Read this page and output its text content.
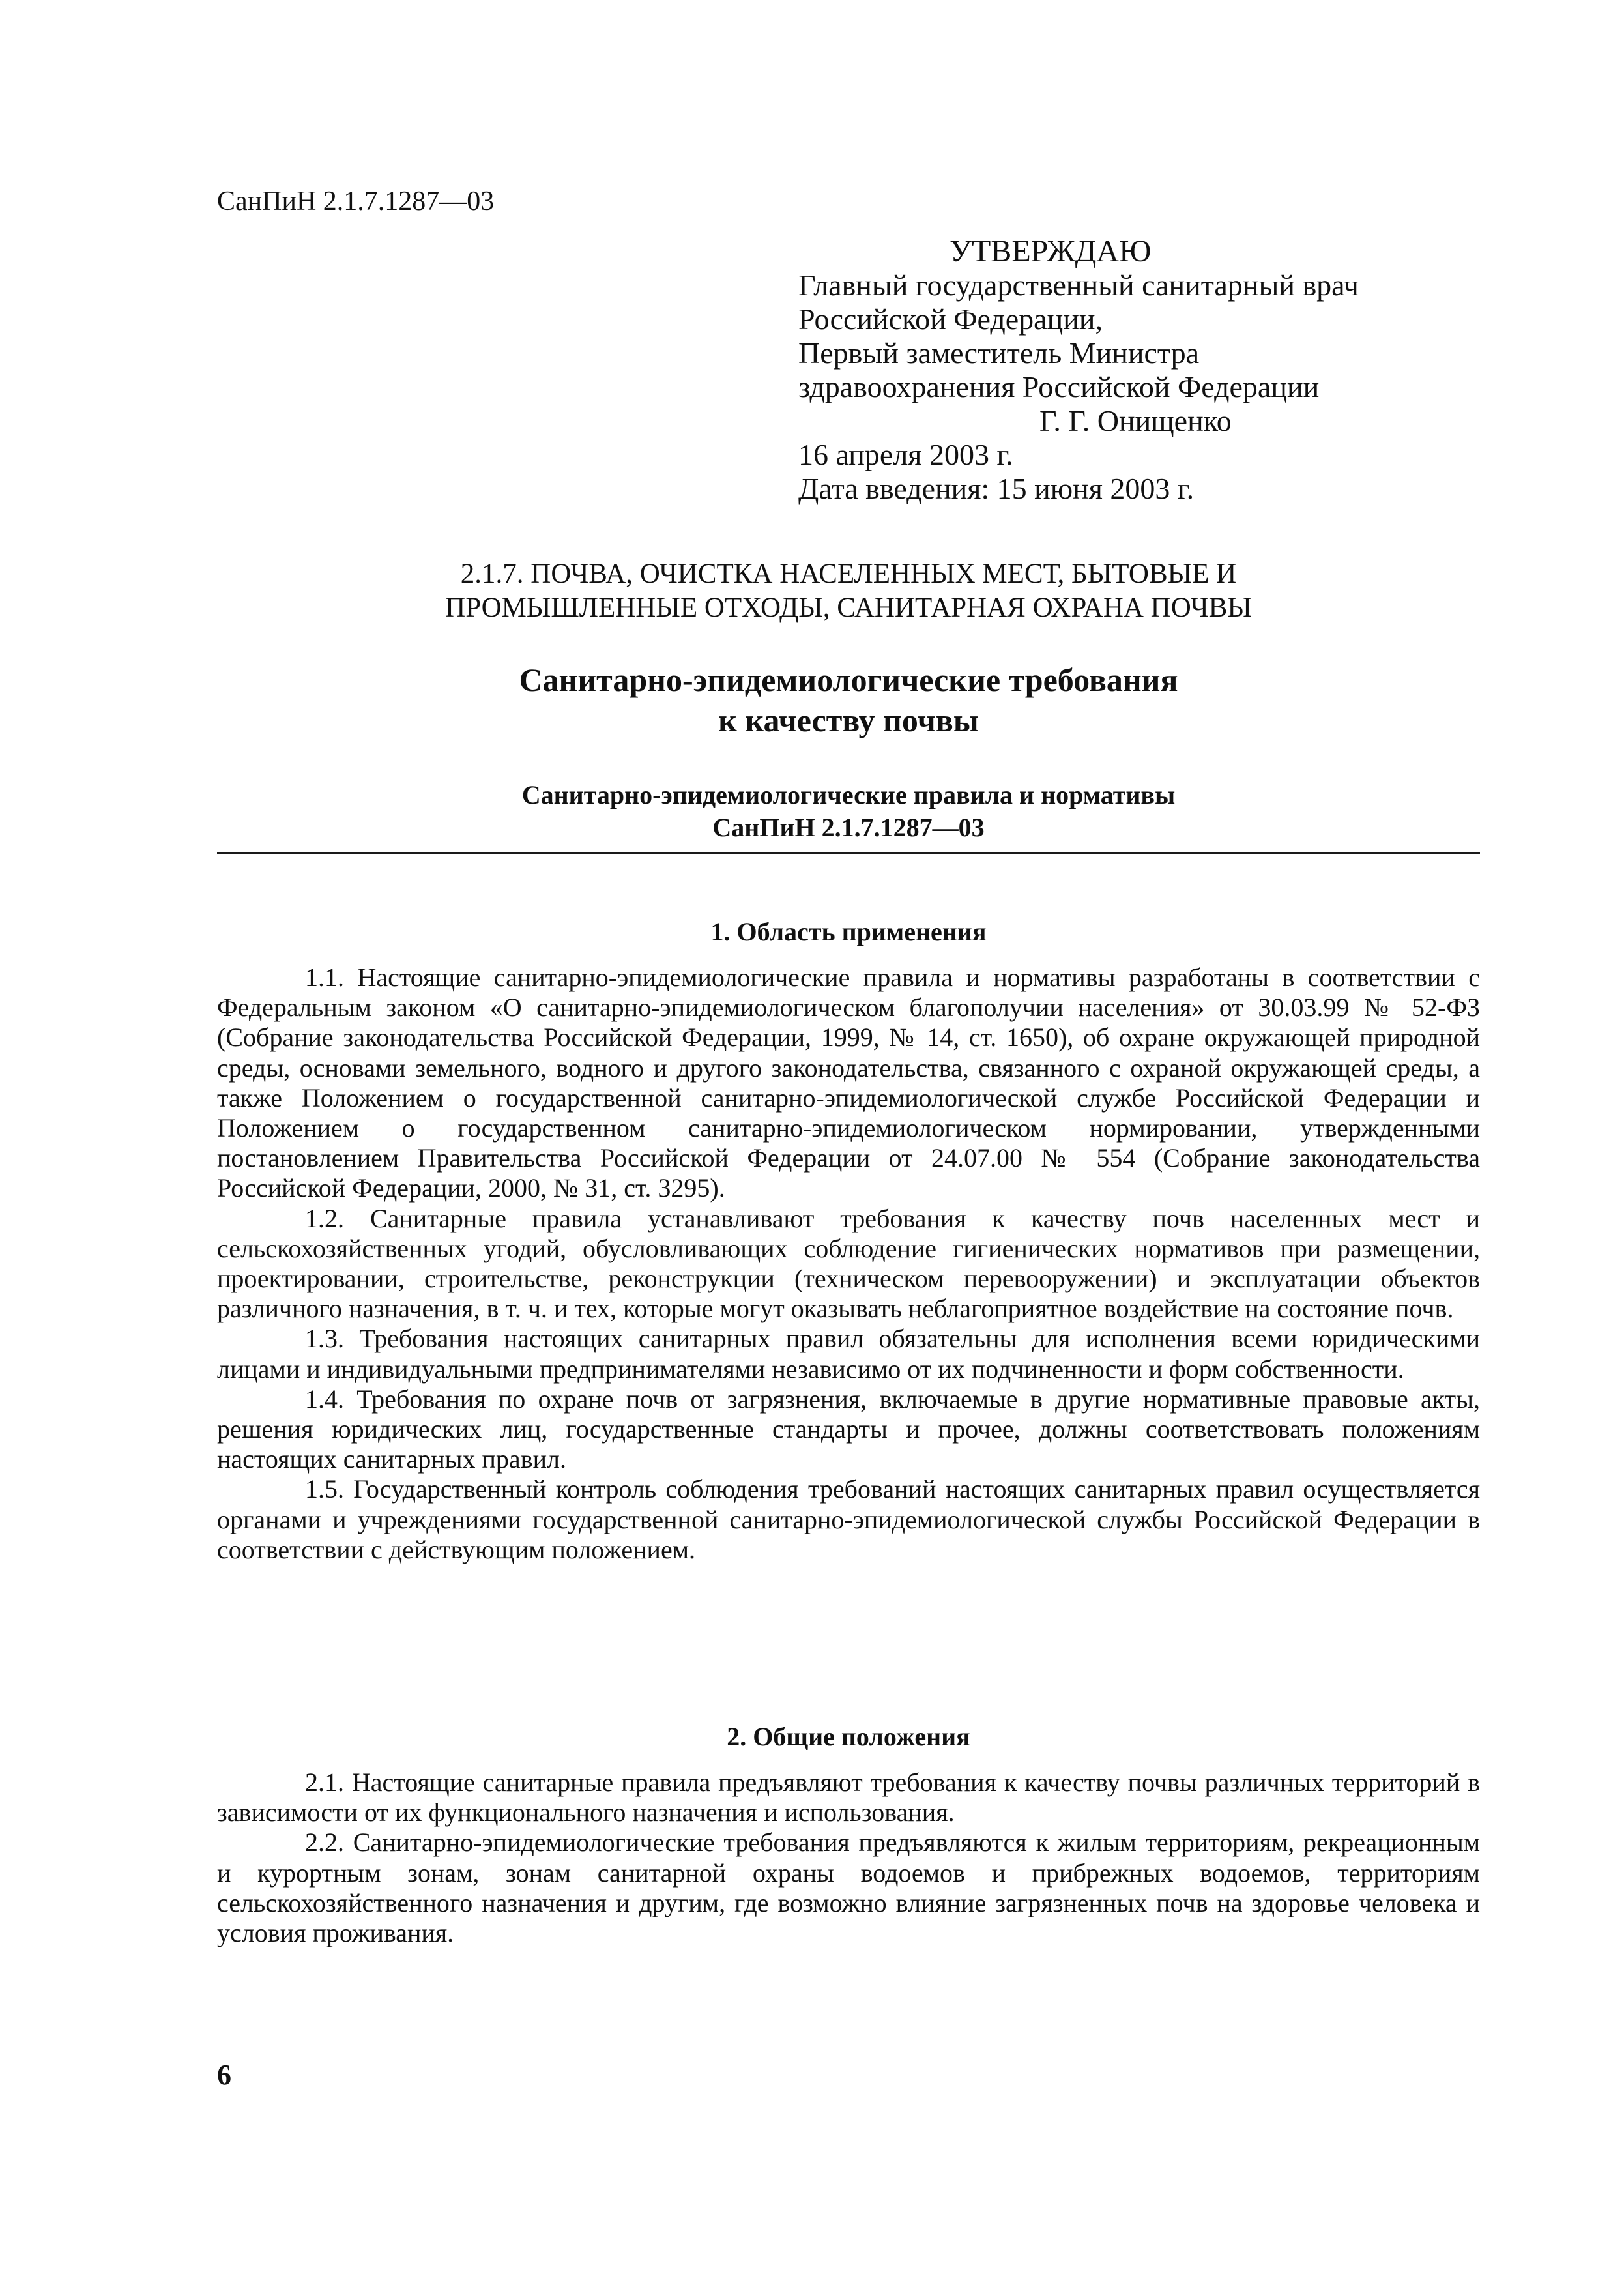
СанПиН 2.1.7.1287—03
УТВЕРЖДАЮ
Главный государственный санитарный врач
Российской Федерации,
Первый заместитель Министра
здравоохранения Российской Федерации
Г. Г. Онищенко
16 апреля 2003 г.
Дата введения: 15 июня 2003 г.
2.1.7. ПОЧВА, ОЧИСТКА НАСЕЛЕННЫХ МЕСТ, БЫТОВЫЕ И
ПРОМЫШЛЕННЫЕ ОТХОДЫ, САНИТАРНАЯ ОХРАНА ПОЧВЫ
Санитарно-эпидемиологические требования
к качеству почвы
Санитарно-эпидемиологические правила и нормативы
СанПиН 2.1.7.1287—03
1. Область применения

1.1. Настоящие санитарно-эпидемиологические правила и нормативы разработаны в соответствии с Федеральным законом «О санитарно-эпидемиологическом благополучии населения» от 30.03.99 № 52-ФЗ (Собрание законодательства Российской Федерации, 1999, № 14, ст. 1650), об охране окружающей природной среды, основами земельного, водного и другого законодательства, связанного с охраной окружающей среды, а также Положением о государственной санитарно-эпидемиологической службе Российской Федерации и Положением о государственном санитарно-эпидемиологическом нормировании, утвержденными постановлением Правительства Российской Федерации от 24.07.00 № 554 (Собрание законодательства Российской Федерации, 2000, № 31, ст. 3295).

1.2. Санитарные правила устанавливают требования к качеству почв населенных мест и сельскохозяйственных угодий, обусловливающих соблюдение гигиенических нормативов при размещении, проектировании, строительстве, реконструкции (техническом перевооружении) и эксплуатации объектов различного назначения, в т. ч. и тех, которые могут оказывать неблагоприятное воздействие на состояние почв.

1.3. Требования настоящих санитарных правил обязательны для исполнения всеми юридическими лицами и индивидуальными предпринимателями независимо от их подчиненности и форм собственности.

1.4. Требования по охране почв от загрязнения, включаемые в другие нормативные правовые акты, решения юридических лиц, государственные стандарты и прочее, должны соответствовать положениям настоящих санитарных правил.

1.5. Государственный контроль соблюдения требований настоящих санитарных правил осуществляется органами и учреждениями государственной санитарно-эпидемиологической службы Российской Федерации в соответствии с действующим положением.

2. Общие положения

2.1. Настоящие санитарные правила предъявляют требования к качеству почвы различных территорий в зависимости от их функционального назначения и использования.

2.2. Санитарно-эпидемиологические требования предъявляются к жилым территориям, рекреационным и курортным зонам, зонам санитарной охраны водоемов и прибрежных водоемов, территориям сельскохозяйственного назначения и другим, где возможно влияние загрязненных почв на здоровье человека и условия проживания.

6
